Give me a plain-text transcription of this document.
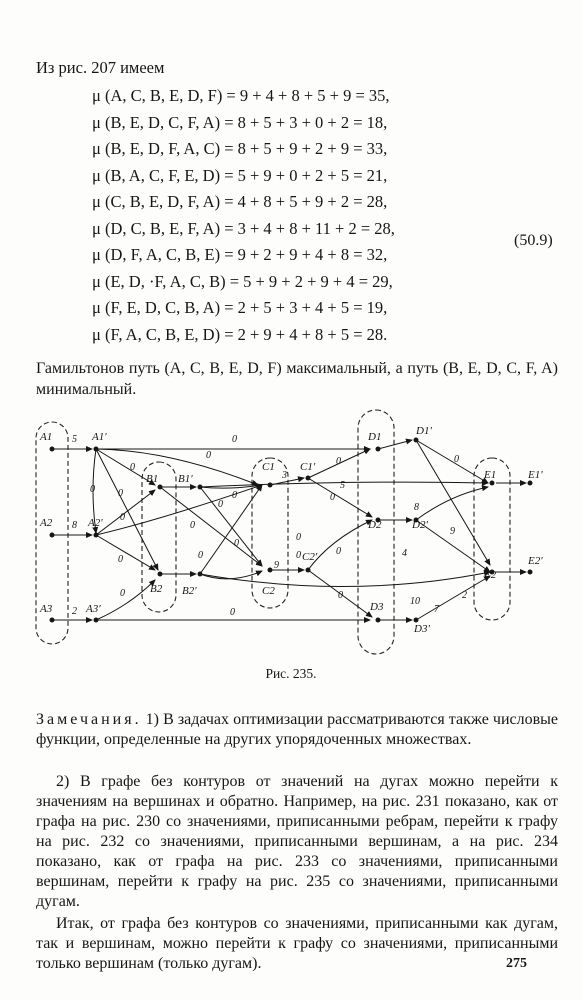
Из рис. 207 имеем
μ (A, C, B, E, D, F) = 9 + 4 + 8 + 5 + 9 = 35,
μ (B, E, D, C, F, A) = 8 + 5 + 3 + 0 + 2 = 18,
μ (B, E, D, F, A, C) = 8 + 5 + 9 + 2 + 9 = 33,
μ (B, A, C, F, E, D) = 5 + 9 + 0 + 2 + 5 = 21,
μ (C, B, E, D, F, A) = 4 + 8 + 5 + 9 + 2 = 28,
μ (D, C, B, E, F, A) = 3 + 4 + 8 + 11 + 2 = 28,
μ (D, F, A, C, B, E) = 9 + 2 + 9 + 4 + 8 = 32,
μ (E, D, ·F, A, C, B) = 5 + 9 + 2 + 9 + 4 = 29,
μ (F, E, D, C, B, A) = 2 + 5 + 3 + 4 + 5 = 19,
μ (F, A, C, B, E, D) = 2 + 9 + 4 + 8 + 5 = 28.
(50.9)
Гамильтонов путь (A, C, B, E, D, F) максимальный, а путь (B, E, D, C, F, A) минимальный.
A1
A2
A3
A1'
A2'
A3'
B1 B1'
B2 B2'
C1 C1'
C2
C2'
D1	D1'
D2	D2'
D3
D3'
E1	E1'
E2
E2'
5
8
2
0
0
0
0
0
0
0
0
0
0
0
0
0
0
0
0
0
0
0
0
0
9
4
8
2
10
5
7
3
9
Рис. 235.
Замечания. 1) В задачах оптимизации рассматриваются также числовые функции, определенные на других упорядоченных множествах.
2) В графе без контуров от значений на дугах можно перейти к значениям на вершинах и обратно. Например, на рис. 231 показано, как от графа на рис. 230 со значениями, приписанными ребрам, перейти к графу на рис. 232 со значениями, приписанными вершинам, а на рис. 234 показано, как от графа на рис. 233 со значениями, приписанными вершинам, перейти к графу на рис. 235 со значениями, приписанными дугам.
Итак, от графа без контуров со значениями, приписанными как дугам, так и вершинам, можно перейти к графу со значениями, приписанными только вершинам (только дугам).	275
